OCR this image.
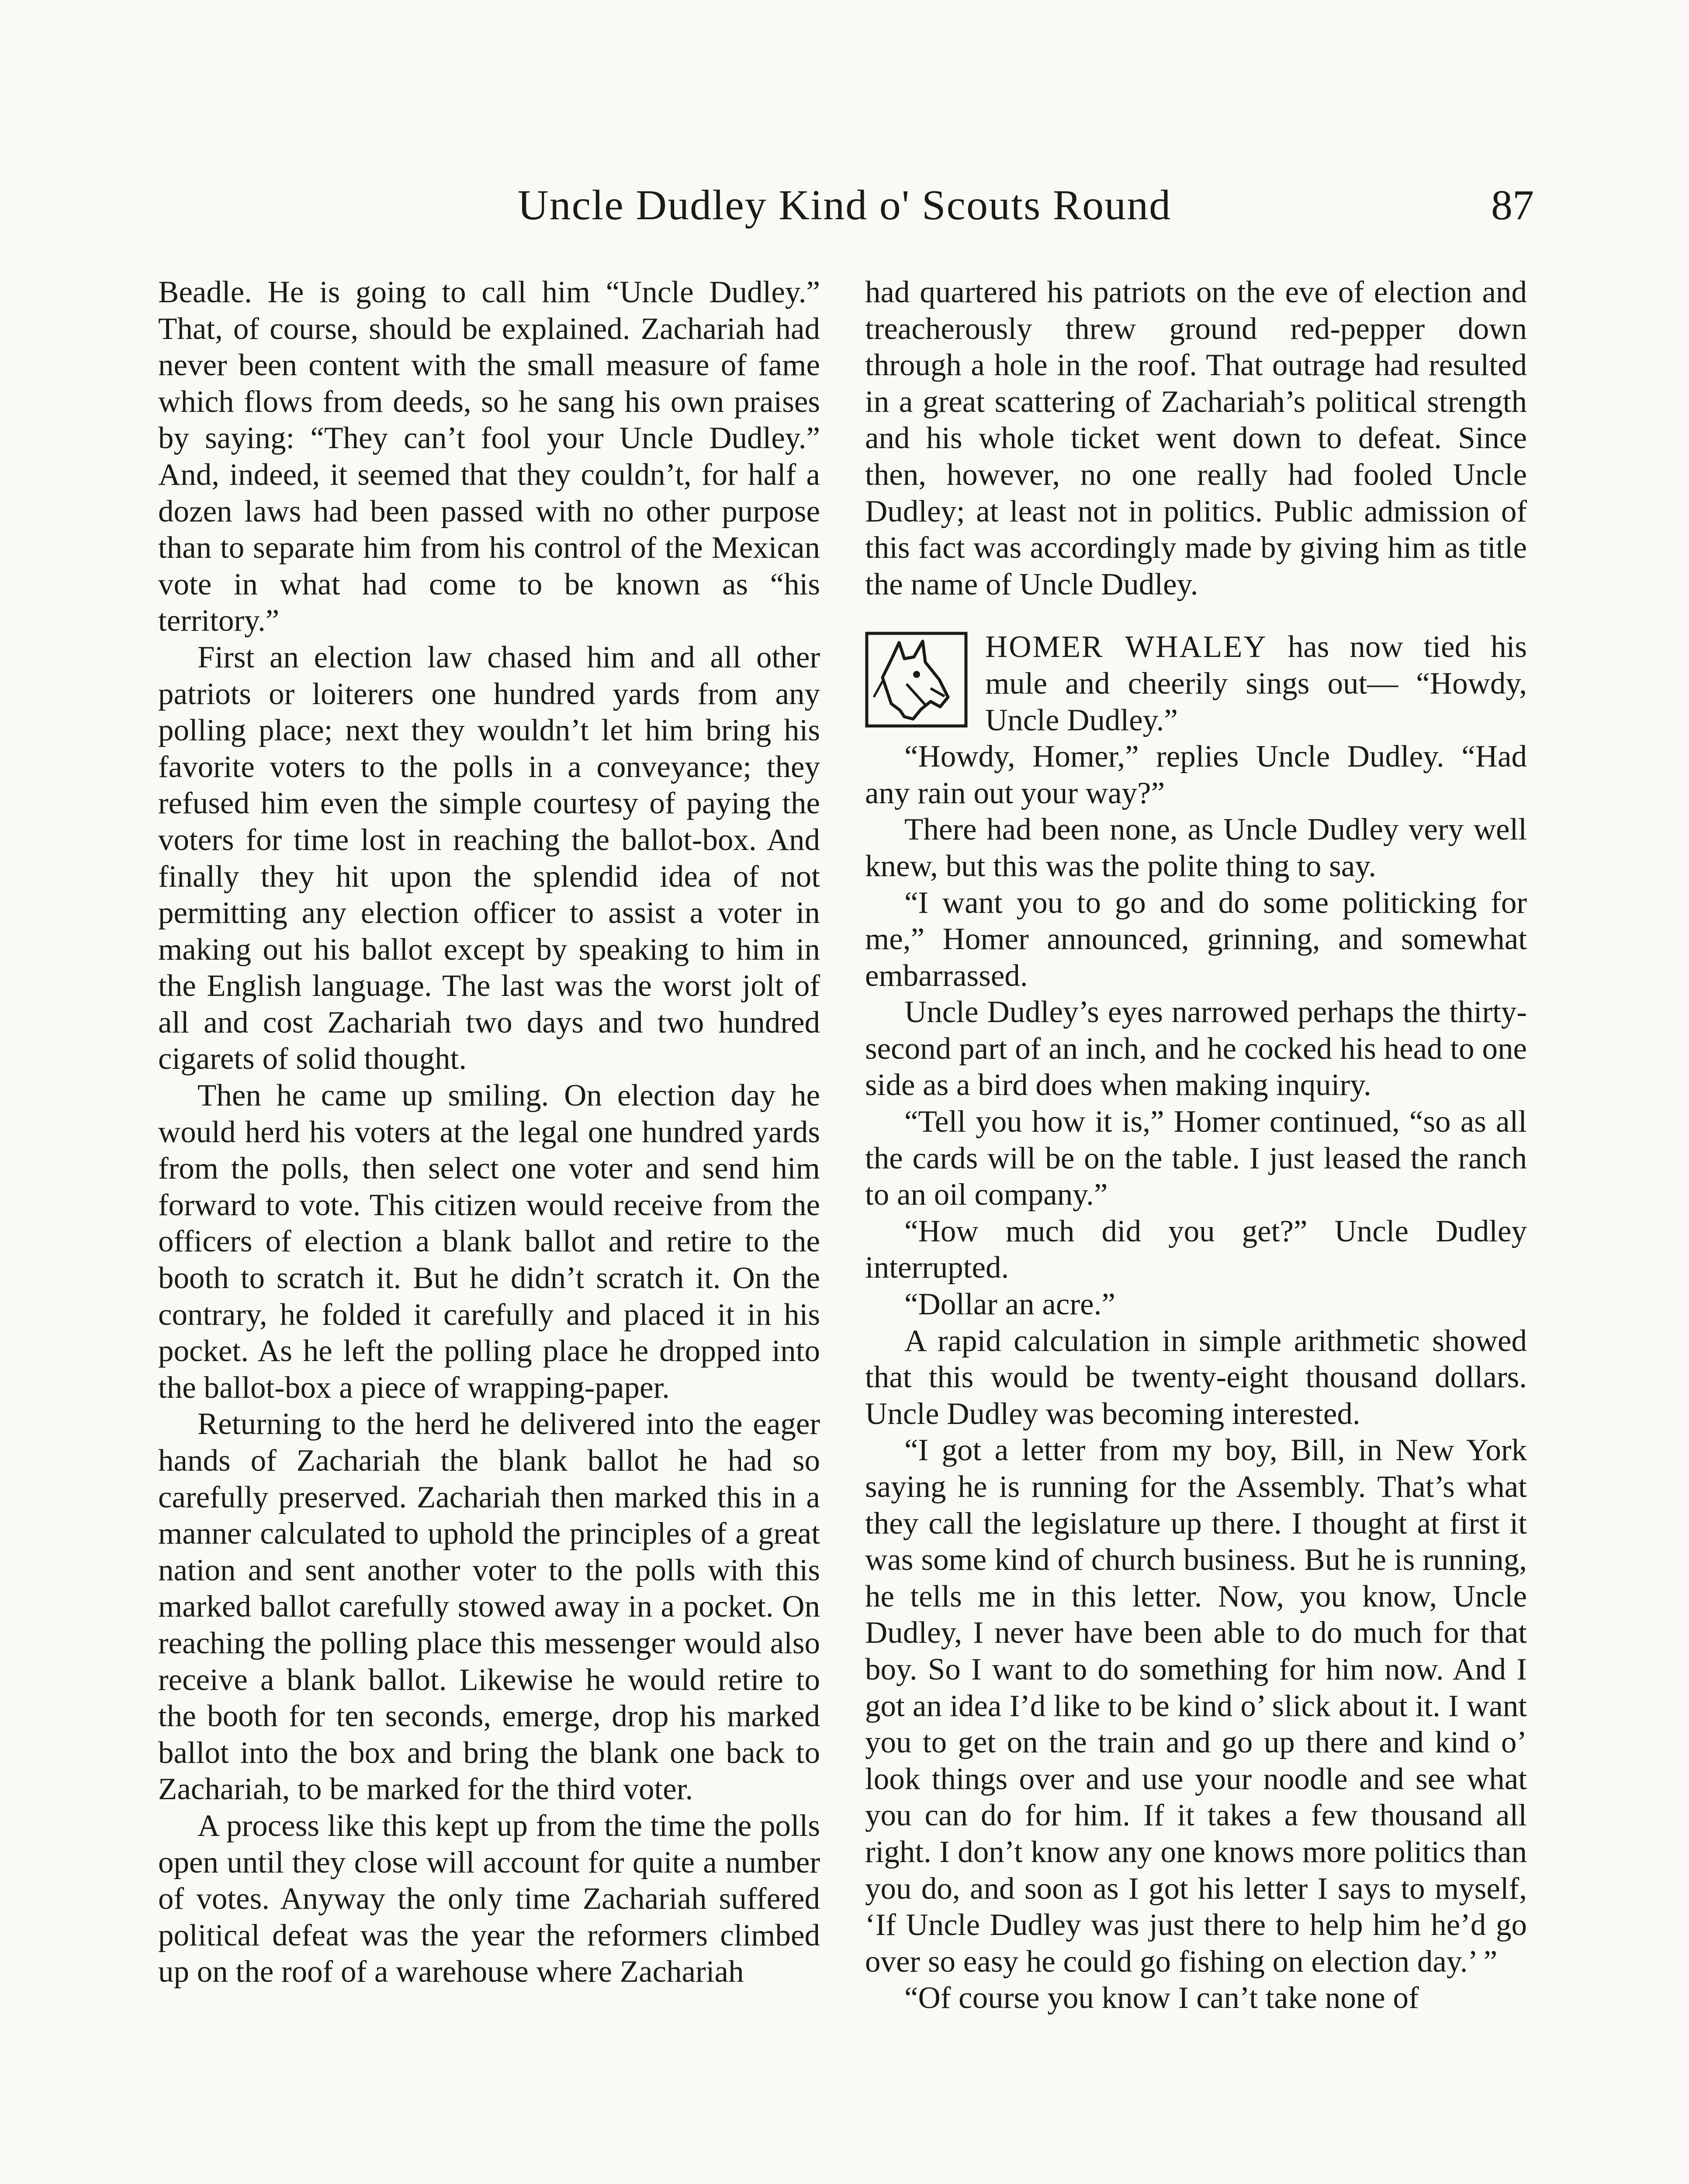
Uncle Dudley Kind o' Scouts Round	87

Beadle. He is going to call him “Uncle Dudley.” That, of course, should be explained. Zachariah had never been content with the small measure of fame which flows from deeds, so he sang his own praises by saying: “They can’t fool your Uncle Dudley.” And, indeed, it seemed that they couldn’t, for half a dozen laws had been passed with no other purpose than to separate him from his control of the Mexican vote in what had come to be known as “his territory.”

First an election law chased him and all other patriots or loiterers one hundred yards from any polling place; next they wouldn’t let him bring his favorite voters to the polls in a conveyance; they refused him even the simple courtesy of paying the voters for time lost in reaching the ballot-box. And finally they hit upon the splendid idea of not permitting any election officer to assist a voter in making out his ballot except by speaking to him in the English language. The last was the worst jolt of all and cost Zachariah two days and two hundred cigarets of solid thought.

Then he came up smiling. On election day he would herd his voters at the legal one hundred yards from the polls, then select one voter and send him forward to vote. This citizen would receive from the officers of election a blank ballot and retire to the booth to scratch it. But he didn’t scratch it. On the contrary, he folded it carefully and placed it in his pocket. As he left the polling place he dropped into the ballot-box a piece of wrapping-paper.

Returning to the herd he delivered into the eager hands of Zachariah the blank ballot he had so carefully preserved. Zachariah then marked this in a manner calculated to uphold the principles of a great nation and sent another voter to the polls with this marked ballot carefully stowed away in a pocket. On reaching the polling place this messenger would also receive a blank ballot. Likewise he would retire to the booth for ten seconds, emerge, drop his marked ballot into the box and bring the blank one back to Zachariah, to be marked for the third voter.

A process like this kept up from the time the polls open until they close will account for quite a number of votes. Anyway the only time Zachariah suffered political defeat was the year the reformers climbed up on the roof of a warehouse where Zachariah

had quartered his patriots on the eve of election and treacherously threw ground red-pepper down through a hole in the roof. That outrage had resulted in a great scattering of Zachariah’s political strength and his whole ticket went down to defeat. Since then, however, no one really had fooled Uncle Dudley; at least not in politics. Public admission of this fact was accordingly made by giving him as title the name of Uncle Dudley.

HOMER WHALEY has now tied his mule and cheerily sings out— “Howdy, Uncle Dudley.”

“Howdy, Homer,” replies Uncle Dudley. “Had any rain out your way?”

There had been none, as Uncle Dudley very well knew, but this was the polite thing to say.

“I want you to go and do some politicking for me,” Homer announced, grinning, and somewhat embarrassed.

Uncle Dudley’s eyes narrowed perhaps the thirty-second part of an inch, and he cocked his head to one side as a bird does when making inquiry.

“Tell you how it is,” Homer continued, “so as all the cards will be on the table. I just leased the ranch to an oil company.”

“How much did you get?” Uncle Dudley interrupted.

“Dollar an acre.”

A rapid calculation in simple arithmetic showed that this would be twenty-eight thousand dollars. Uncle Dudley was becoming interested.

“I got a letter from my boy, Bill, in New York saying he is running for the Assembly. That’s what they call the legislature up there. I thought at first it was some kind of church business. But he is running, he tells me in this letter. Now, you know, Uncle Dudley, I never have been able to do much for that boy. So I want to do something for him now. And I got an idea I’d like to be kind o’ slick about it. I want you to get on the train and go up there and kind o’ look things over and use your noodle and see what you can do for him. If it takes a few thousand all right. I don’t know any one knows more politics than you do, and soon as I got his letter I says to myself, ‘If Uncle Dudley was just there to help him he’d go over so easy he could go fishing on election day.’ ”

“Of course you know I can’t take none of
